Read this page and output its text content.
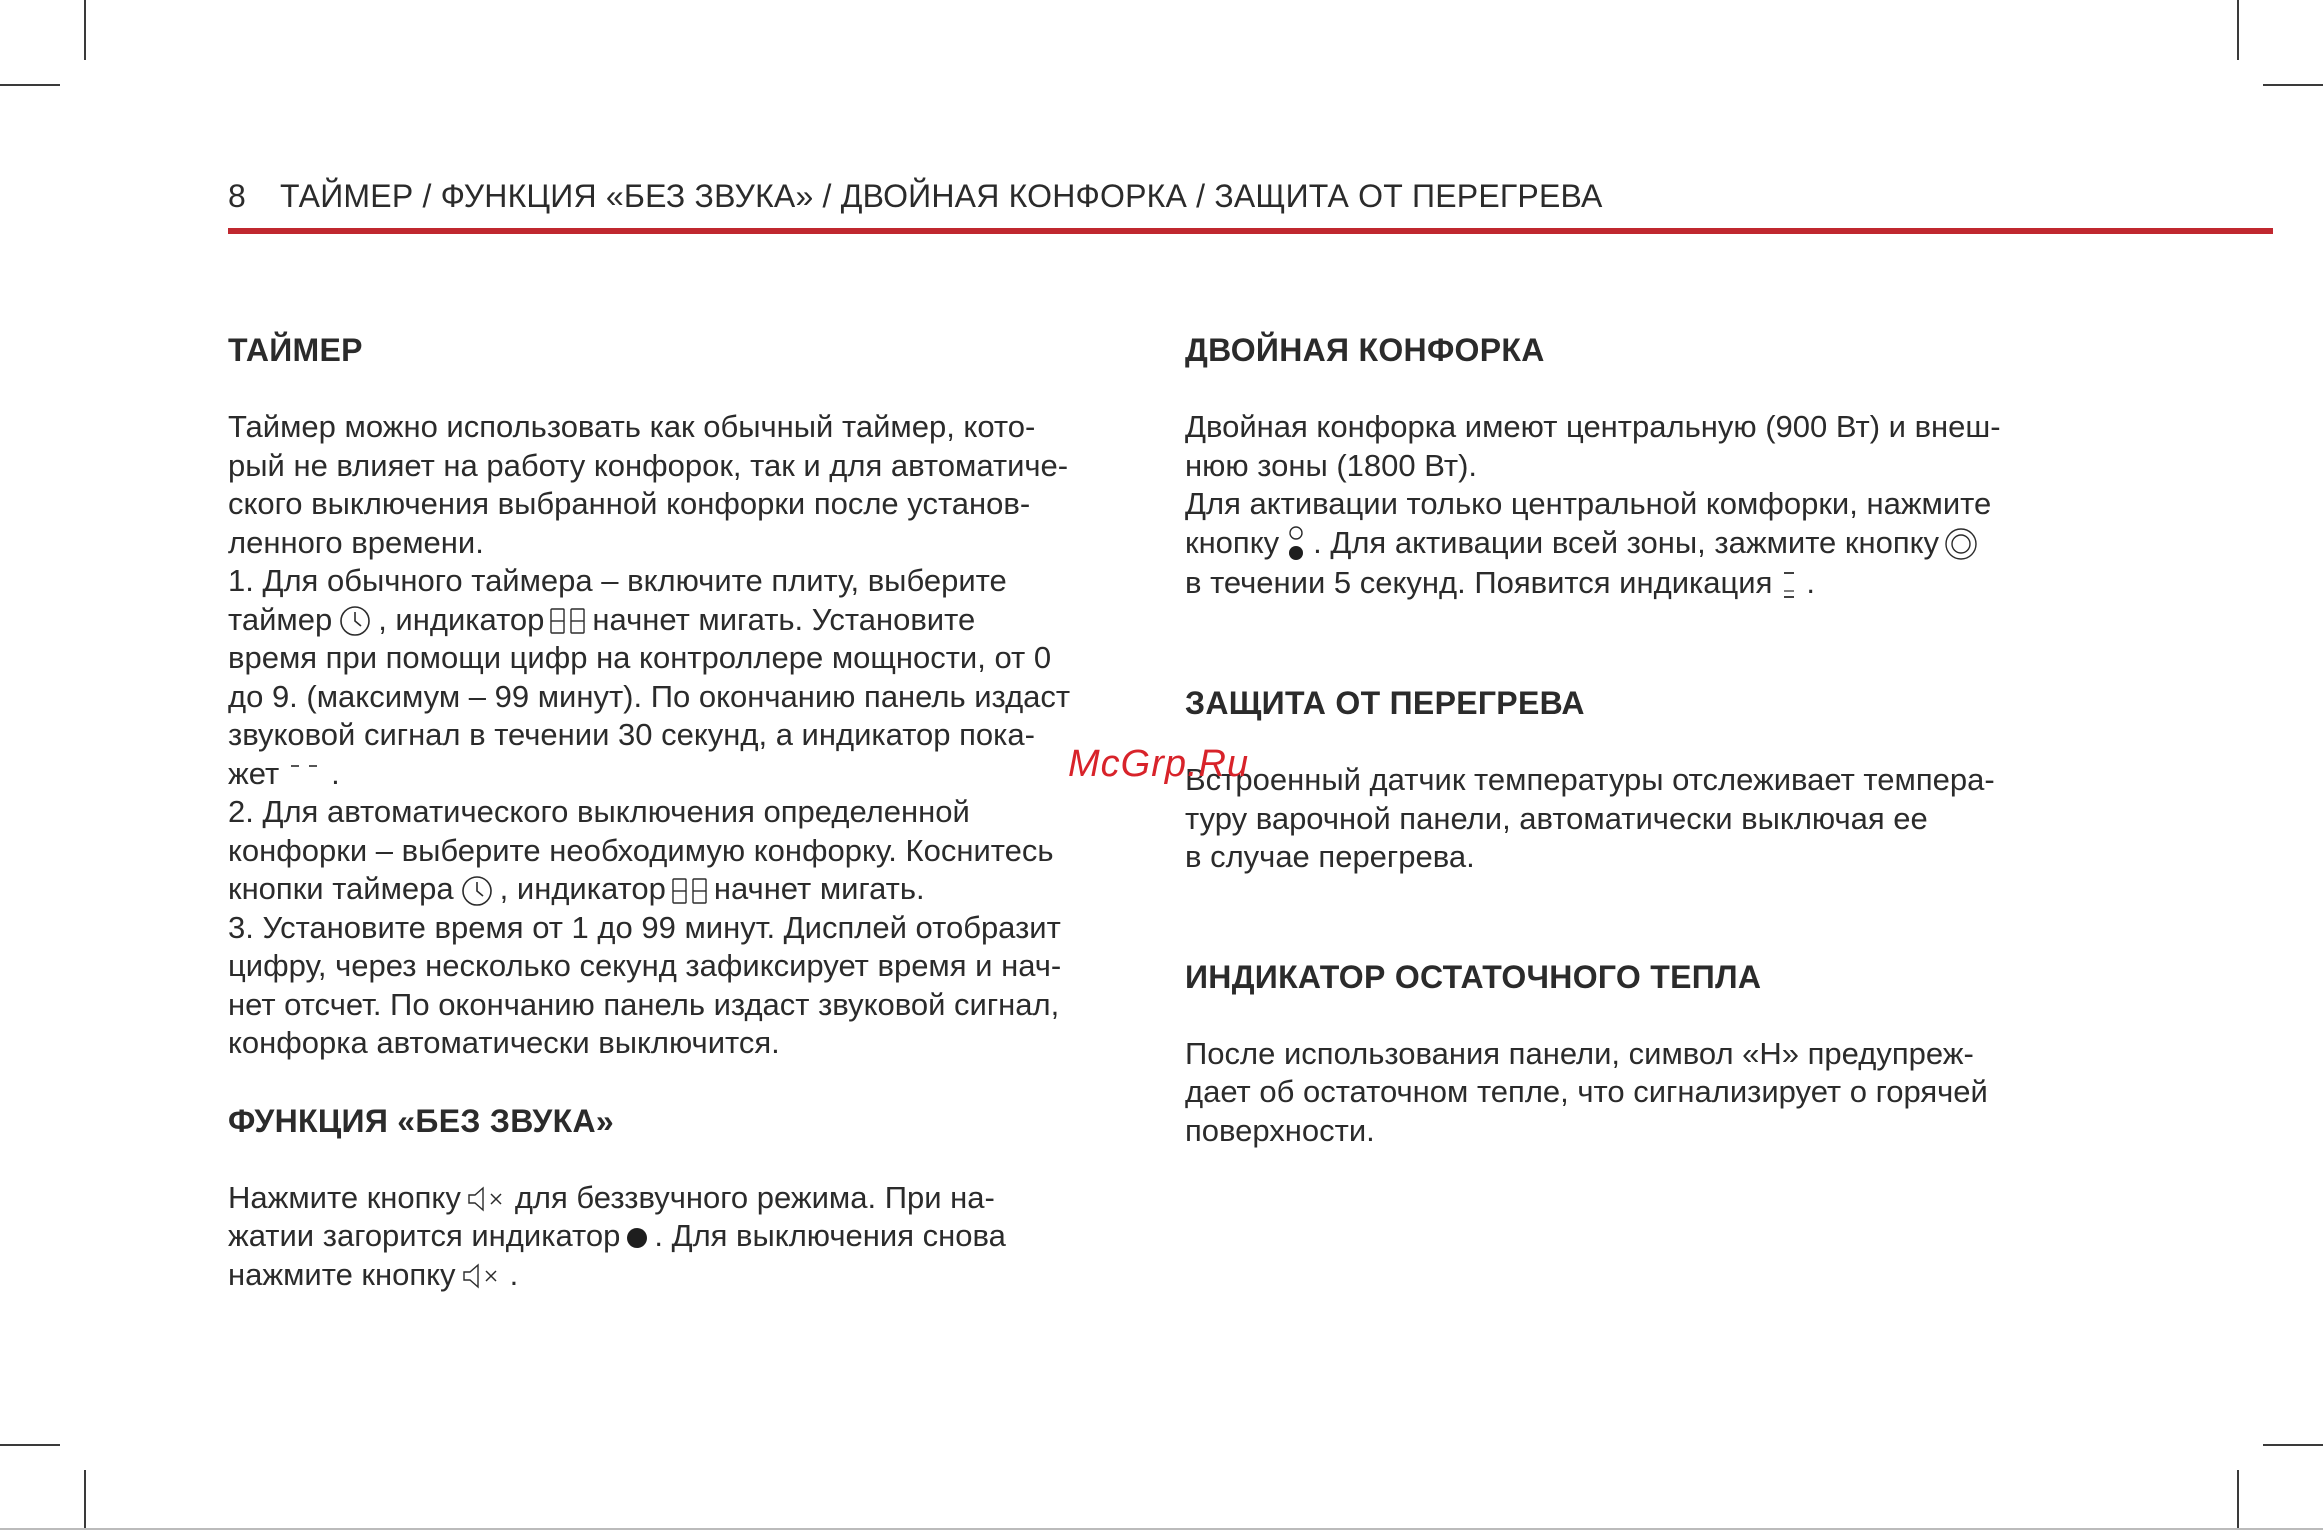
8 ТАЙМЕР / ФУНКЦИЯ «БЕЗ ЗВУКА» / ДВОЙНАЯ КОНФОРКА / ЗАЩИТА ОТ ПЕРЕГРЕВА
ТАЙМЕР

Таймер можно использовать как обычный таймер, кото-
рый не влияет на работу конфорок, так и для автоматиче-
ского выключения выбранной конфорки после установ-
ленного времени.
1. Для обычного таймера – включите плиту, выберите
таймер , индикатор начнет мигать. Установите
время при помощи цифр на контроллере мощности, от 0
до 9. (максимум – 99 минут). По окончанию панель издаст
звуковой сигнал в течении 30 секунд, а индикатор пока-
жет .
2. Для автоматического выключения определенной
конфорки – выберите необходимую конфорку. Коснитесь
кнопки таймера , индикатор начнет мигать.
3. Установите время от 1 до 99 минут. Дисплей отобразит
цифру, через несколько секунд зафиксирует время и нач-
нет отсчет. По окончанию панель издаст звуковой сигнал,
конфорка автоматически выключится.

ФУНКЦИЯ «БЕЗ ЗВУКА»

Нажмите кнопку для беззвучного режима. При на-
жатии загорится индикатор . Для выключения снова
нажмите кнопку .

ДВОЙНАЯ КОНФОРКА

Двойная конфорка имеют центральную (900 Вт) и внеш-
нюю зоны (1800 Вт).
Для активации только центральной комфорки, нажмите
кнопку . Для активации всей зоны, зажмите кнопку
в течении 5 секунд. Появится индикация .

ЗАЩИТА ОТ ПЕРЕГРЕВА

Встроенный датчик температуры отслеживает темпера-
туру варочной панели, автоматически выключая ее
в случае перегрева.

ИНДИКАТОР ОСТАТОЧНОГО ТЕПЛА

После использования панели, символ «Н» предупреж-
дает об остаточном тепле, что сигнализирует о горячей
поверхности.

McGrp.Ru
